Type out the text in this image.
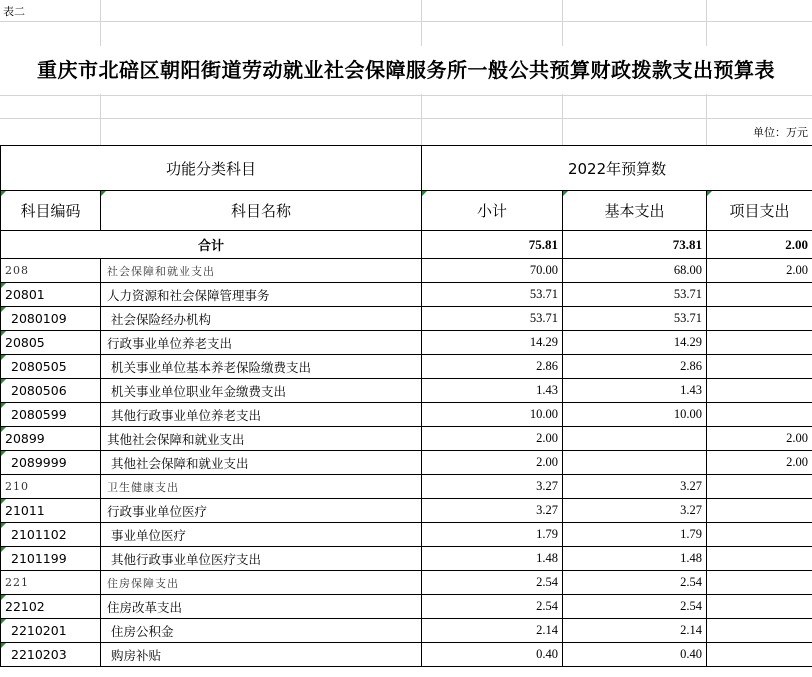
表二
重庆市北碚区朝阳街道劳动就业社会保障服务所一般公共预算财政拨款支出预算表
单位：万元
功能分类科目		2022年预算数		
科目编码	科目名称	小计	基本支出	项目支出
合计		75.81	73.81	2.00
208	社会保障和就业支出	70.00	68.00	2.00
20801	人力资源和社会保障管理事务	53.71	53.71	
2080109	社会保险经办机构	53.71	53.71	
20805	行政事业单位养老支出	14.29	14.29	
2080505	机关事业单位基本养老保险缴费支出	2.86	2.86	
2080506	机关事业单位职业年金缴费支出	1.43	1.43	
2080599	其他行政事业单位养老支出	10.00	10.00	
20899	其他社会保障和就业支出	2.00		2.00
2089999	其他社会保障和就业支出	2.00		2.00
210	卫生健康支出	3.27	3.27	
21011	行政事业单位医疗	3.27	3.27	
2101102	事业单位医疗	1.79	1.79	
2101199	其他行政事业单位医疗支出	1.48	1.48	
221	住房保障支出	2.54	2.54	
22102	住房改革支出	2.54	2.54	
2210201	住房公积金	2.14	2.14	
2210203	购房补贴	0.40	0.40	
